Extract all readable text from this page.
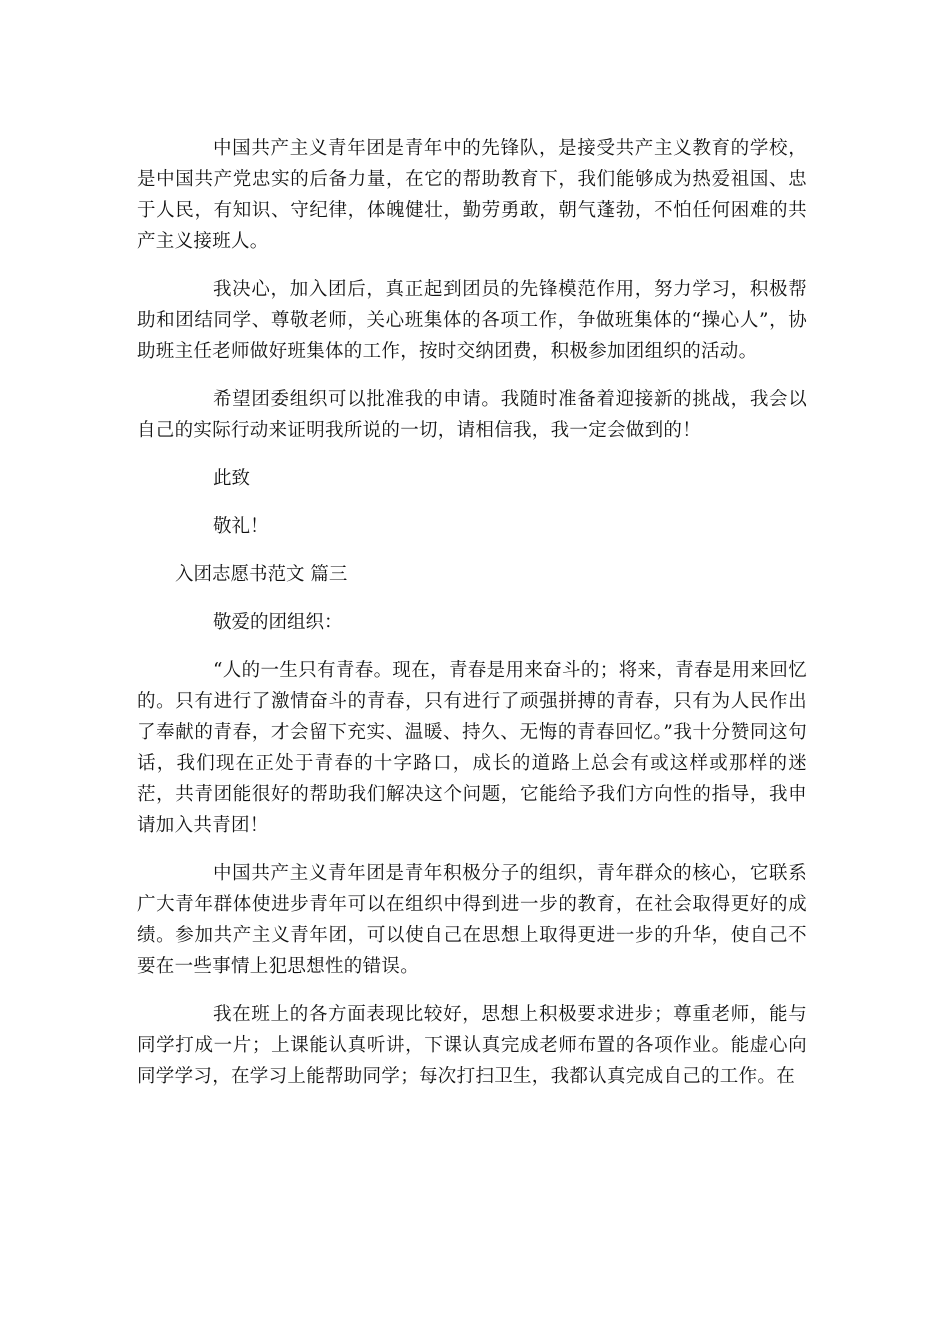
中国共产主义青年团是青年中的先锋队，是接受共产主义教育的学校，是中国共产党忠实的后备力量，在它的帮助教育下，我们能够成为热爱祖国、忠于人民，有知识、守纪律，体魄健壮，勤劳勇敢，朝气蓬勃，不怕任何困难的共产主义接班人。

我决心，加入团后，真正起到团员的先锋模范作用，努力学习，积极帮助和团结同学、尊敬老师，关心班集体的各项工作，争做班集体的“操心人”，协助班主任老师做好班集体的工作，按时交纳团费，积极参加团组织的活动。

希望团委组织可以批准我的申请。我随时准备着迎接新的挑战，我会以自己的实际行动来证明我所说的一切，请相信我，我一定会做到的！

此致

敬礼！

入团志愿书范文 篇三

敬爱的团组织：

“人的一生只有青春。现在，青春是用来奋斗的；将来，青春是用来回忆的。只有进行了激情奋斗的青春，只有进行了顽强拼搏的青春，只有为人民作出了奉献的青春，才会留下充实、温暖、持久、无悔的青春回忆。”我十分赞同这句话，我们现在正处于青春的十字路口，成长的道路上总会有或这样或那样的迷茫，共青团能很好的帮助我们解决这个问题，它能给予我们方向性的指导，我申请加入共青团！

中国共产主义青年团是青年积极分子的组织，青年群众的核心，它联系广大青年群体使进步青年可以在组织中得到进一步的教育，在社会取得更好的成绩。参加共产主义青年团，可以使自己在思想上取得更进一步的升华，使自己不要在一些事情上犯思想性的错误。

我在班上的各方面表现比较好，思想上积极要求进步；尊重老师，能与同学打成一片；上课能认真听讲，下课认真完成老师布置的各项作业。能虚心向同学学习，在学习上能帮助同学；每次打扫卫生，我都认真完成自己的工作。在
